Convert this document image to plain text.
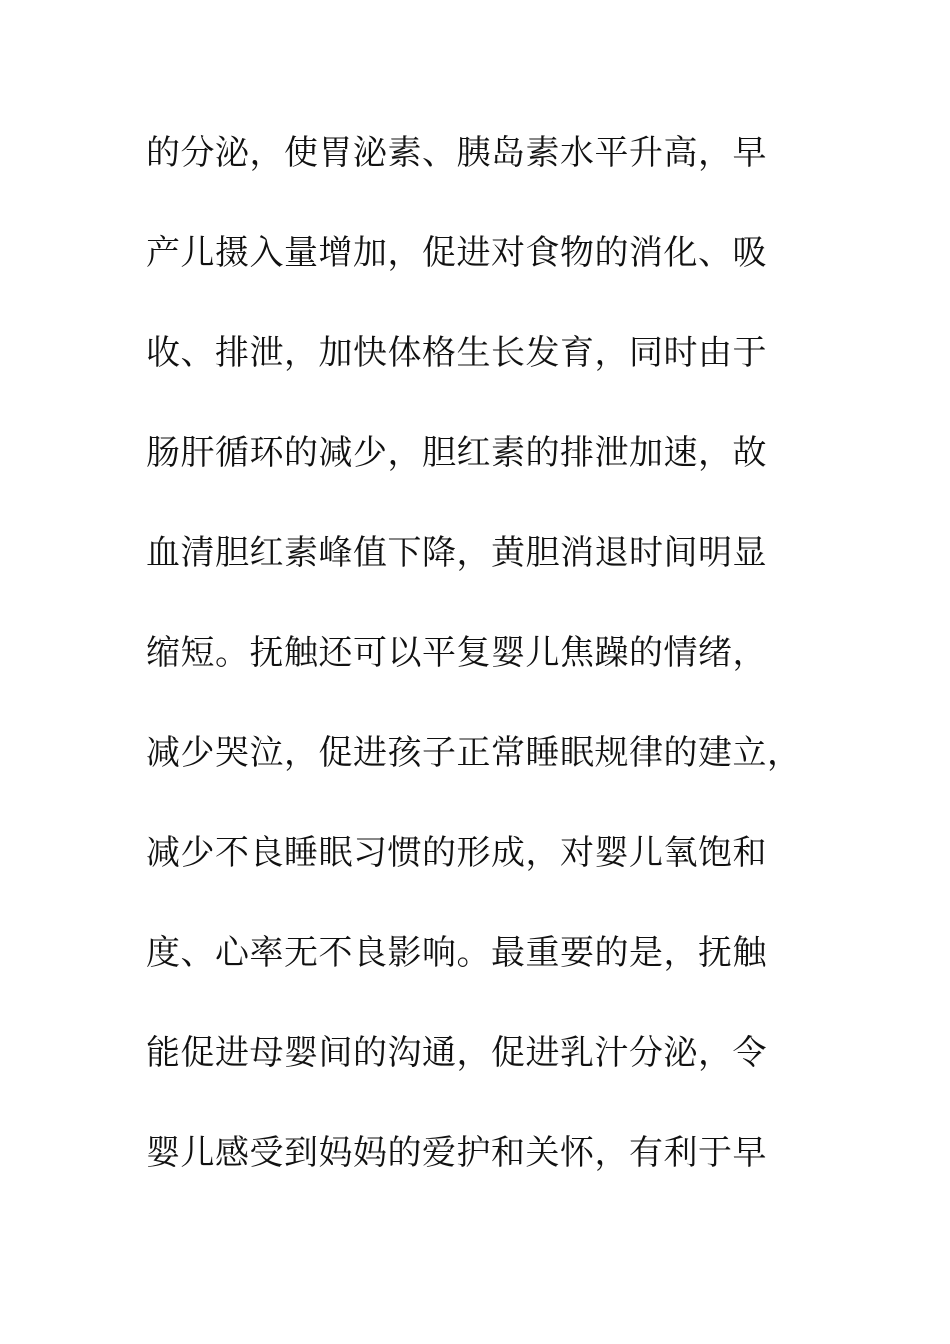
的分泌，使胃泌素、胰岛素水平升高，早
产儿摄入量增加，促进对食物的消化、吸
收、排泄，加快体格生长发育，同时由于
肠肝循环的减少，胆红素的排泄加速，故
血清胆红素峰值下降，黄胆消退时间明显
缩短。抚触还可以平复婴儿焦躁的情绪，
减少哭泣，促进孩子正常睡眠规律的建立，
减少不良睡眠习惯的形成，对婴儿氧饱和
度、心率无不良影响。最重要的是，抚触
能促进母婴间的沟通，促进乳汁分泌，令
婴儿感受到妈妈的爱护和关怀，有利于早
